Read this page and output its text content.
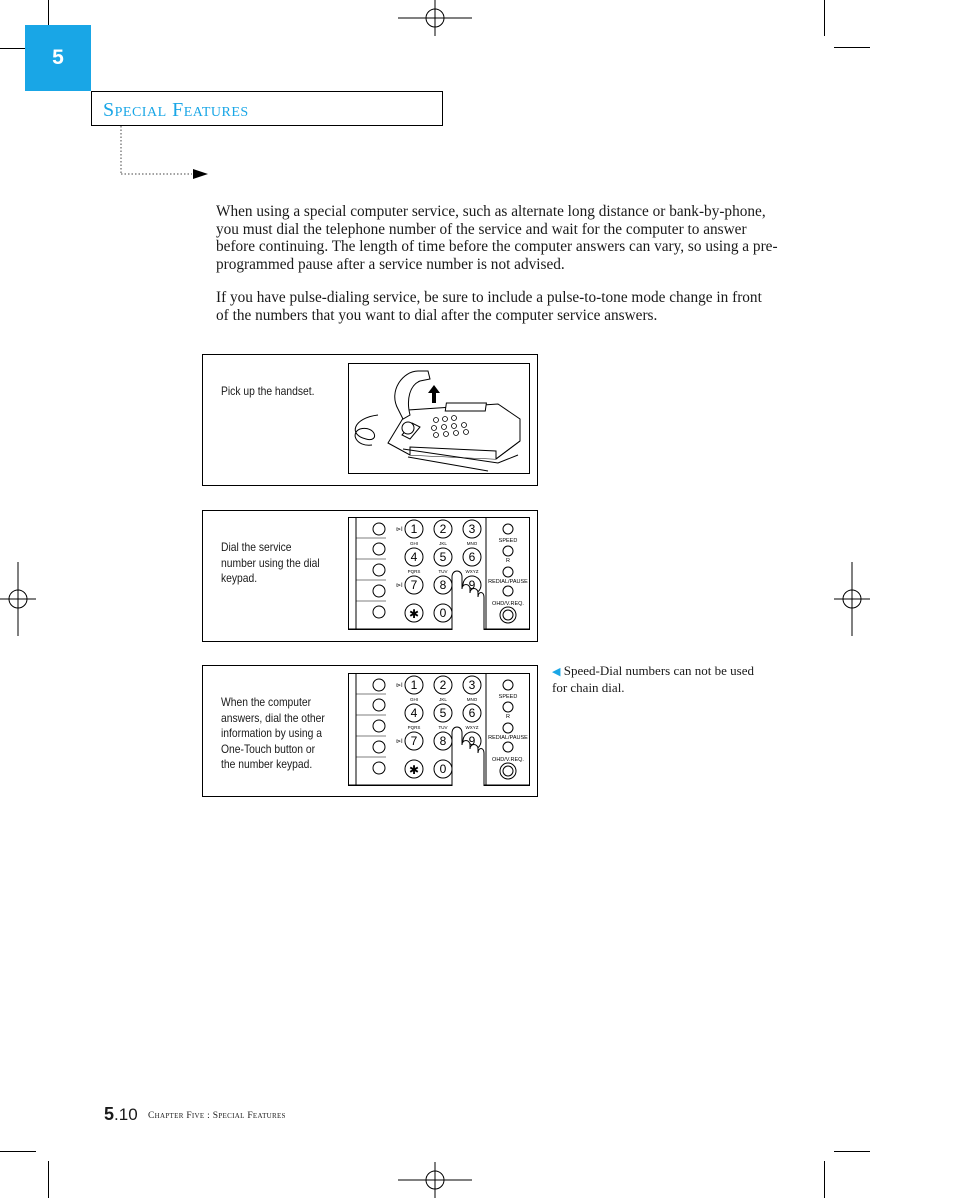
5
Special Features

When using a special computer service, such as alternate long distance or bank-by-phone, you must dial the telephone number of the service and wait for the computer to answer before continuing. The length of time before the computer answers can vary, so using a pre-programmed pause after a service number is not advised.

If you have pulse-dialing service, be sure to include a pulse-to-tone mode change in front of the numbers that you want to dial after the computer service answers.

Pick up the handset.
Dial the service number using the dial keypad.
⊳I
⊳I
1 2 3
4 5 6
7 8 9
✱ 0
GHI	JKL	MNO
PQRS	TUV	WXYZ
SPEED
R
REDIAL/PAUSE
OHD/V.REQ.
When the computer answers, dial the other information by using a One-Touch button or the number keypad.
⊳I
⊳I
1 2 3
4 5 6
7 8 9
✱ 0
GHI	JKL	MNO
PQRS	TUV	WXYZ
SPEED
R
REDIAL/PAUSE
OHD/V.REQ.
◀ Speed-Dial numbers can not be used for chain dial.
5.10 Chapter Five : Special Features
